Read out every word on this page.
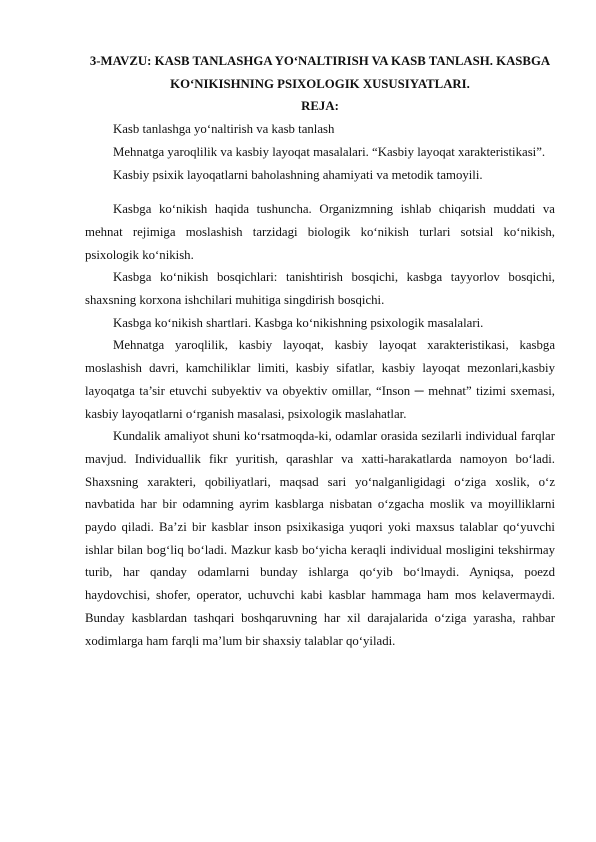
3-MAVZU: KASB TANLASHGA YO‘NALTIRISH VA KASB TANLASH. KASBGA KO‘NIKISHNING PSIXOLOGIK XUSUSIYATLARI.

REJA:

Kasb tanlashga yo‘naltirish va kasb tanlash

Mehnatga yaroqlilik va kasbiy layoqat masalalari. “Kasbiy layoqat xarakteristikasi”.

Kasbiy psixik layoqatlarni baholashning ahamiyati va metodik tamoyili.

Kasbga ko‘nikish haqida tushuncha. Organizmning ishlab chiqarish muddati va mehnat rejimiga moslashish tarzidagi biologik ko‘nikish turlari sotsial ko‘nikish, psixologik ko‘nikish.

Kasbga ko‘nikish bosqichlari: tanishtirish bosqichi, kasbga tayyorlov bosqichi, shaxsning korxona ishchilari muhitiga singdirish bosqichi.

Kasbga ko‘nikish shartlari. Kasbga ko‘nikishning psixologik masalalari.

Mehnatga yaroqlilik, kasbiy layoqat, kasbiy layoqat xarakteristikasi, kasbga moslashish davri, kamchiliklar limiti, kasbiy sifatlar, kasbiy layoqat mezonlari,kasbiy layoqatga ta’sir etuvchi subyektiv va obyektiv omillar, “Inson ─ mehnat” tizimi sxemasi, kasbiy layoqatlarni o‘rganish masalasi, psixologik maslahatlar.

Kundalik amaliyot shuni ko‘rsatmoqda-ki, odamlar orasida sezilarli individual farqlar mavjud. Individuallik fikr yuritish, qarashlar va xatti-harakatlarda namoyon bo‘ladi. Shaxsning xarakteri, qobiliyatlari, maqsad sari yo‘nalganligidagi o‘ziga xoslik, o‘z navbatida har bir odamning ayrim kasblarga nisbatan o‘zgacha moslik va moyilliklarni paydo qiladi. Ba’zi bir kasblar inson psixikasiga yuqori yoki maxsus talablar qo‘yuvchi ishlar bilan bog‘liq bo‘ladi. Mazkur kasb bo‘yicha keraqli individual mosligini tekshirmay turib, har qanday odamlarni bunday ishlarga qo‘yib bo‘lmaydi. Ayniqsa, poezd haydovchisi, shofer, operator, uchuvchi kabi kasblar hammaga ham mos kelavermaydi. Bunday kasblardan tashqari boshqaruvning har xil darajalarida o‘ziga yarasha, rahbar xodimlarga ham farqli ma’lum bir shaxsiy talablar qo‘yiladi.
